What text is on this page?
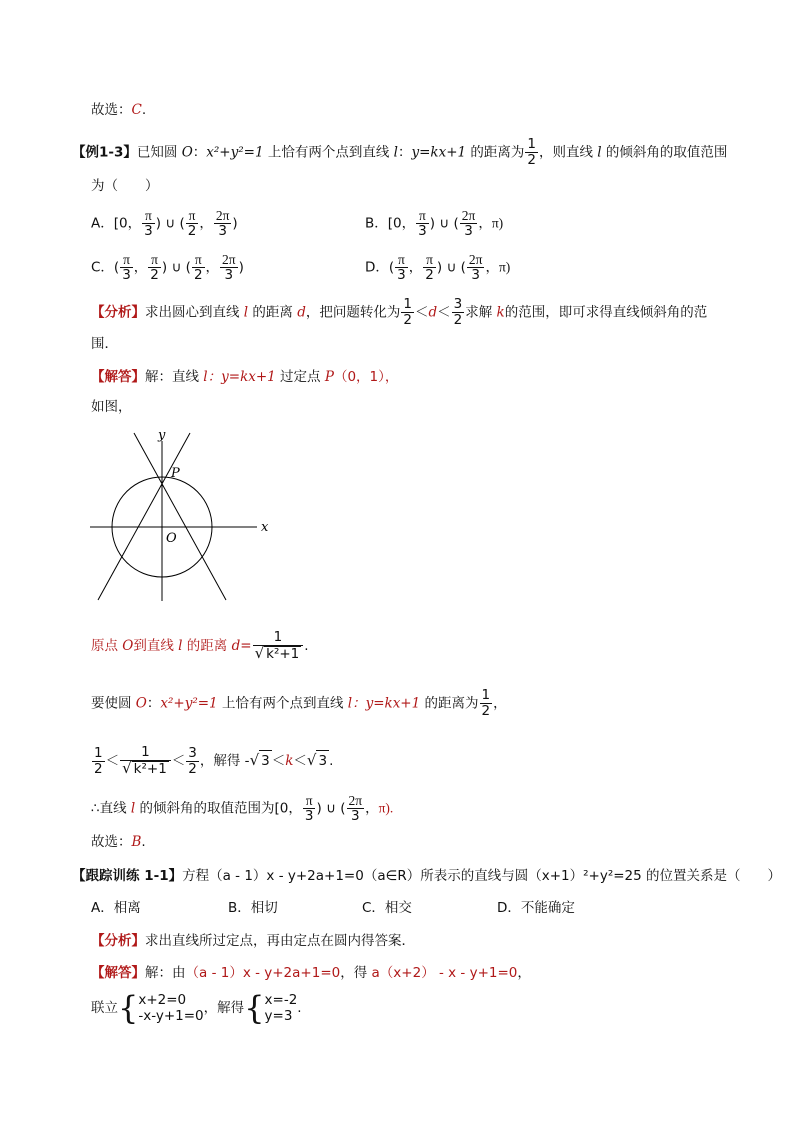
故选：C.
【例1-3】已知圆 O：x²+y²=1 上恰有两个点到直线 l：y=kx+1 的距离为 $\frac{1}{2}$ ，则直线 l 的倾斜角的取值范围
为（　　）
A．[0， $\frac{\pi}{3}$ ) ∪ ( $\frac{\pi}{2}$ ， $\frac{2\pi}{3}$ )	B．[0， $\frac{\pi}{3}$ ) ∪ ( $\frac{2\pi}{3}$ ，π)
C．( $\frac{\pi}{3}$ ， $\frac{\pi}{2}$ ) ∪ ( $\frac{\pi}{2}$ ， $\frac{2\pi}{3}$ )	D．( $\frac{\pi}{3}$ ， $\frac{\pi}{2}$ ) ∪ ( $\frac{2\pi}{3}$ ，π)
【分析】求出圆心到直线 l 的距离 d，把问题转化为 $\frac{1}{2} <d< \frac{3}{2}$ 求解 k的范围，即可求得直线倾斜角的范
围．
【解答】解：直线 l：y=kx+1 过定点 P（0，1），
如图，
y
x
P
O
原点 O到直线 l 的距离 $d= \frac{1}{\text{√ k²+1}}$ .
要使圆 O：x²+y²=1 上恰有两个点到直线 l：y=kx+1 的距离为 $\frac{1}{2}$ ，
$\frac{1}{2} < \frac{1}{\text{√ k²+1}} < \frac{3}{2}$ ，解得 -√ 3 ＜k＜√ 3 .
∴直线 l 的倾斜角的取值范围为[0， $\frac{\pi}{3}$ ) ∪ ( $\frac{2\pi}{3}$ ，π).
故选：B.
【跟踪训练 1-1】方程（a - 1）x - y+2a+1=0（a∈R）所表示的直线与圆（x+1）²+y²=25 的位置关系是（　　）
A．相离	B．相切	C．相交	D．不能确定
【分析】求出直线所过定点，再由定点在圆内得答案．
【解答】解：由（a - 1）x - y+2a+1=0，得 a（x+2） - x - y+1=0，
联立{ x+2=0
-x-y+1=0 ，解得{ x=-2
y=3 .
